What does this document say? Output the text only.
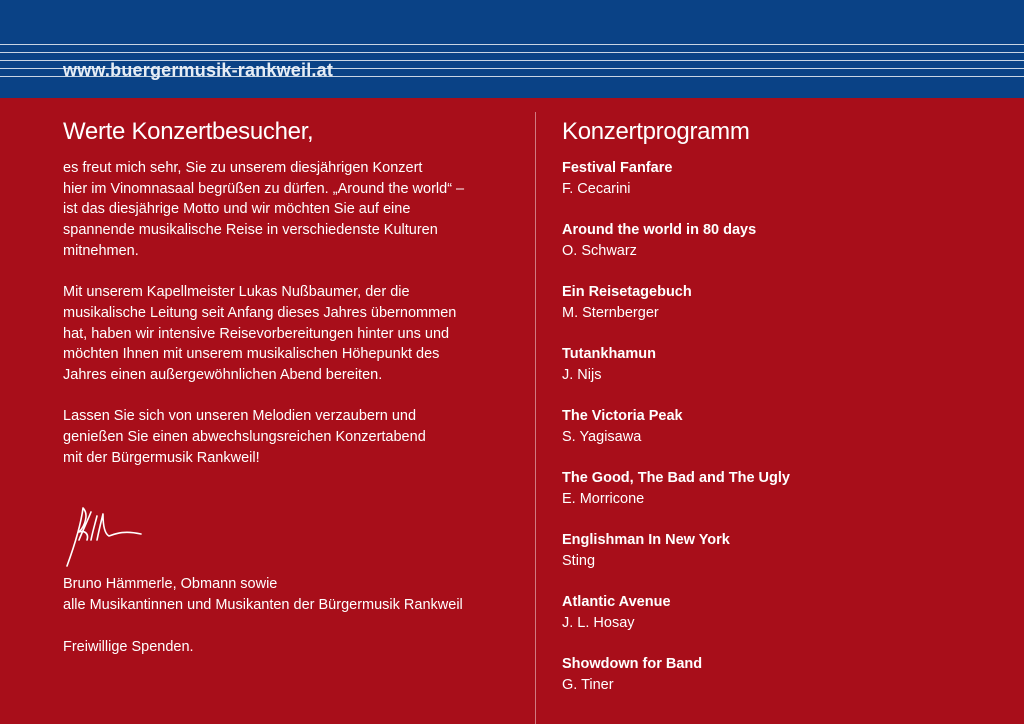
www.buergermusik-rankweil.at
Werte Konzertbesucher,

es freut mich sehr, Sie zu unserem diesjährigen Konzert
hier im Vinomnasaal begrüßen zu dürfen. „Around the world“ –
ist das diesjährige Motto und wir möchten Sie auf eine
spannende musikalische Reise in verschiedenste Kulturen
mitnehmen.

Mit unserem Kapellmeister Lukas Nußbaumer, der die
musikalische Leitung seit Anfang dieses Jahres übernommen
hat, haben wir intensive Reisevorbereitungen hinter uns und
möchten Ihnen mit unserem musikalischen Höhepunkt des
Jahres einen außergewöhnlichen Abend bereiten.

Lassen Sie sich von unseren Melodien verzaubern und
genießen Sie einen abwechslungsreichen Konzertabend
mit der Bürgermusik Rankweil!

Bruno Hämmerle, Obmann sowie
alle Musikantinnen und Musikanten der Bürgermusik Rankweil
Freiwillige Spenden.
Konzertprogramm
Festival Fanfare
F. Cecarini
Around the world in 80 days
O. Schwarz
Ein Reisetagebuch
M. Sternberger
Tutankhamun
J. Nijs
The Victoria Peak
S. Yagisawa
The Good, The Bad and The Ugly
E. Morricone
Englishman In New York
Sting
Atlantic Avenue
J. L. Hosay
Showdown for Band
G. Tiner
